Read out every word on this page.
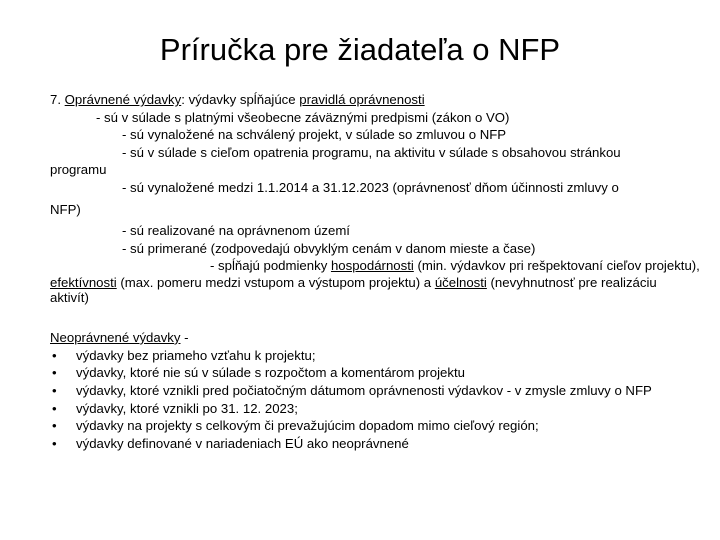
Príručka pre žiadateľa o NFP
7. Oprávnené výdavky: výdavky spĺňajúce pravidlá oprávnenosti
- sú v súlade s platnými všeobecne záväznými predpismi (zákon o VO)
- sú vynaložené na schválený projekt, v súlade so zmluvou o NFP
- sú v súlade s cieľom opatrenia programu, na aktivitu v súlade s obsahovou stránkou
programu
- sú vynaložené medzi 1.1.2014 a 31.12.2023 (oprávnenosť dňom účinnosti zmluvy o
NFP)
- sú realizované na oprávnenom území
- sú primerané (zodpovedajú obvyklým cenám v danom mieste a čase)
- spĺňajú podmienky hospodárnosti (min. výdavkov pri rešpektovaní cieľov projektu),
efektívnosti (max. pomeru medzi vstupom a výstupom projektu) a účelnosti (nevyhnutnosť pre realizáciu aktivít)
Neoprávnené výdavky -
• výdavky bez priameho vzťahu k projektu;
• výdavky, ktoré nie sú v súlade s rozpočtom a komentárom projektu
• výdavky, ktoré vznikli pred počiatočným dátumom oprávnenosti výdavkov - v zmysle zmluvy o NFP
• výdavky, ktoré vznikli po 31. 12. 2023;
• výdavky na projekty s celkovým či prevažujúcim dopadom mimo cieľový región;
• výdavky definované v nariadeniach EÚ ako neoprávnené
